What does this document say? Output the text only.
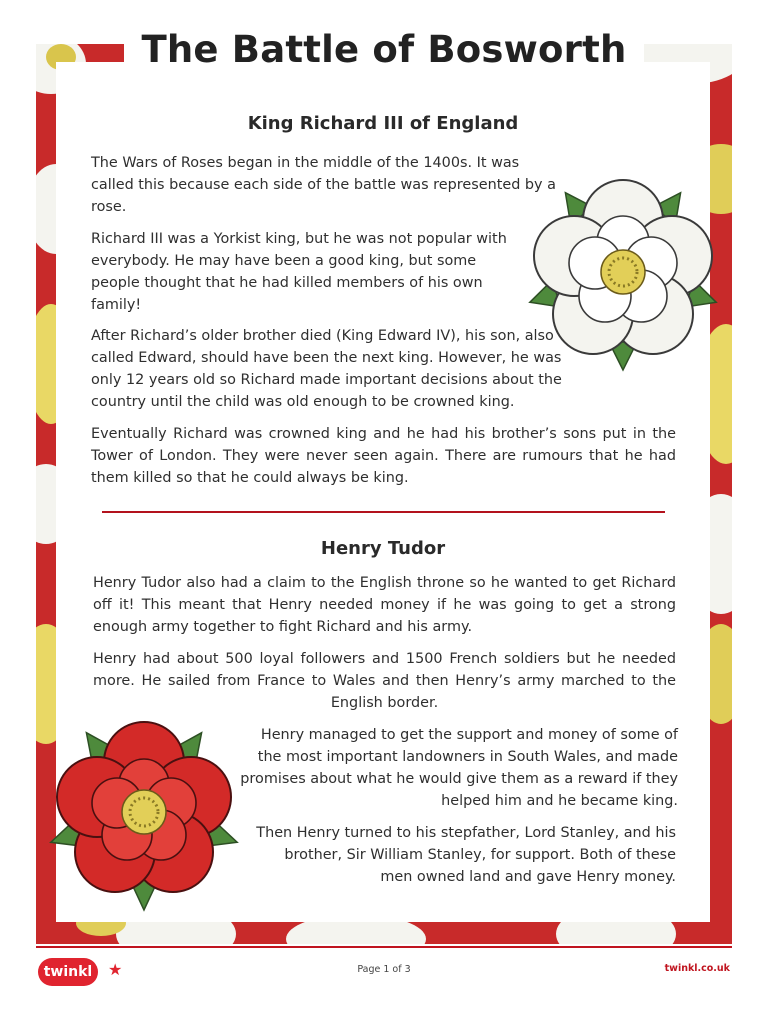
The Battle of Bosworth
King Richard III of England

The Wars of Roses began in the middle of the 1400s. It was called this because each side of the battle was represented by a rose.

Richard III was a Yorkist king, but he was not popular with everybody. He may have been a good king, but some people thought that he had killed members of his own family!

After Richard’s older brother died (King Edward IV), his son, also called Edward, should have been the next king. However, he was only 12 years old so Richard made important decisions about the country until the child was old enough to be crowned king.

Eventually Richard was crowned king and he had his brother’s sons put in the Tower of London. They were never seen again. There are rumours that he had them killed so that he could always be king.

Henry Tudor

Henry Tudor also had a claim to the English throne so he wanted to get Richard off it! This meant that Henry needed money if he was going to get a strong enough army together to fight Richard and his army.

Henry had about 500 loyal followers and 1500 French soldiers but he needed more. He sailed from France to Wales and then Henry’s army marched to the English border.

Henry managed to get the support and money of some of the most important landowners in South Wales, and made promises about what he would give them as a reward if they helped him and he became king.

Then Henry turned to his stepfather, Lord Stanley, and his brother, Sir William Stanley, for support. Both of these men owned land and gave Henry money.

twinkl ★	Page 1 of 3	twinkl.co.uk
